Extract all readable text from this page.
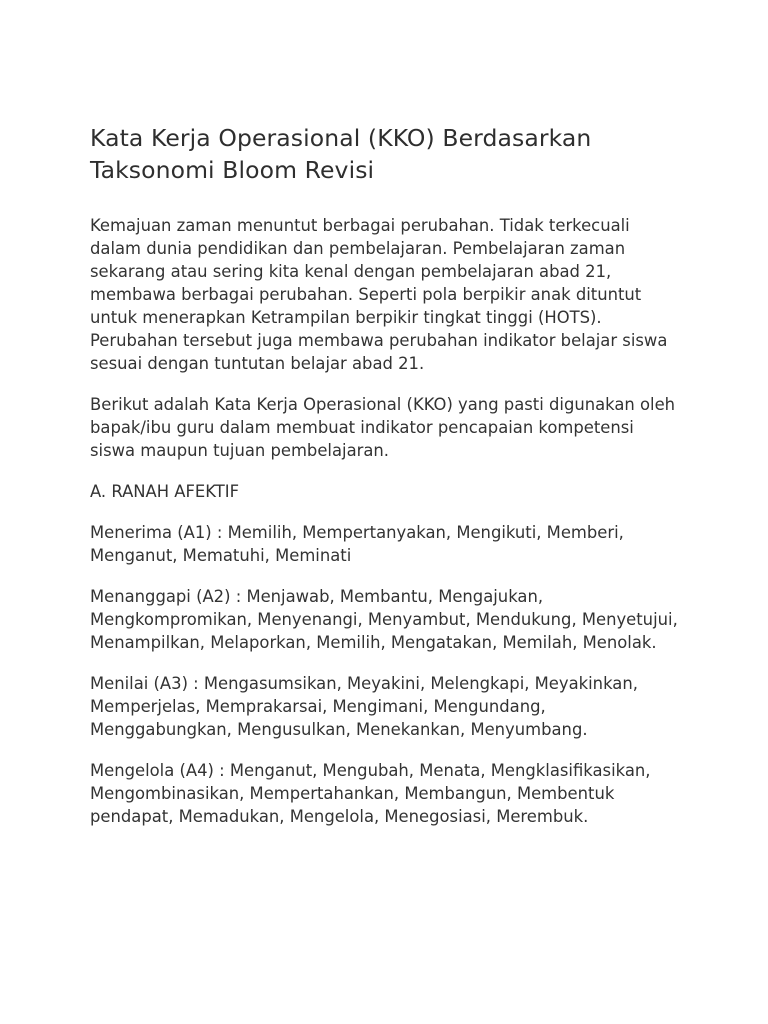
Kata Kerja Operasional (KKO) Berdasarkan Taksonomi Bloom Revisi

Kemajuan zaman menuntut berbagai perubahan. Tidak terkecuali dalam dunia pendidikan dan pembelajaran. Pembelajaran zaman sekarang atau sering kita kenal dengan pembelajaran abad 21, membawa berbagai perubahan. Seperti pola berpikir anak dituntut untuk menerapkan Ketrampilan berpikir tingkat tinggi (HOTS). Perubahan tersebut juga membawa perubahan indikator belajar siswa sesuai dengan tuntutan belajar abad 21.

Berikut adalah Kata Kerja Operasional (KKO) yang pasti digunakan oleh bapak/ibu guru dalam membuat indikator pencapaian kompetensi siswa maupun tujuan pembelajaran.

A. RANAH AFEKTIF

Menerima (A1) : Memilih, Mempertanyakan, Mengikuti, Memberi, Menganut, Mematuhi, Meminati

Menanggapi (A2) : Menjawab, Membantu, Mengajukan, Mengkompromikan, Menyenangi, Menyambut, Mendukung, Menyetujui, Menampilkan, Melaporkan, Memilih, Mengatakan, Memilah, Menolak.

Menilai (A3) : Mengasumsikan, Meyakini, Melengkapi, Meyakinkan, Memperjelas, Memprakarsai, Mengimani, Mengundang, Menggabungkan, Mengusulkan, Menekankan, Menyumbang.

Mengelola (A4) : Menganut, Mengubah, Menata, Mengklasifikasikan, Mengombinasikan, Mempertahankan, Membangun, Membentuk pendapat, Memadukan, Mengelola, Menegosiasi, Merembuk.
